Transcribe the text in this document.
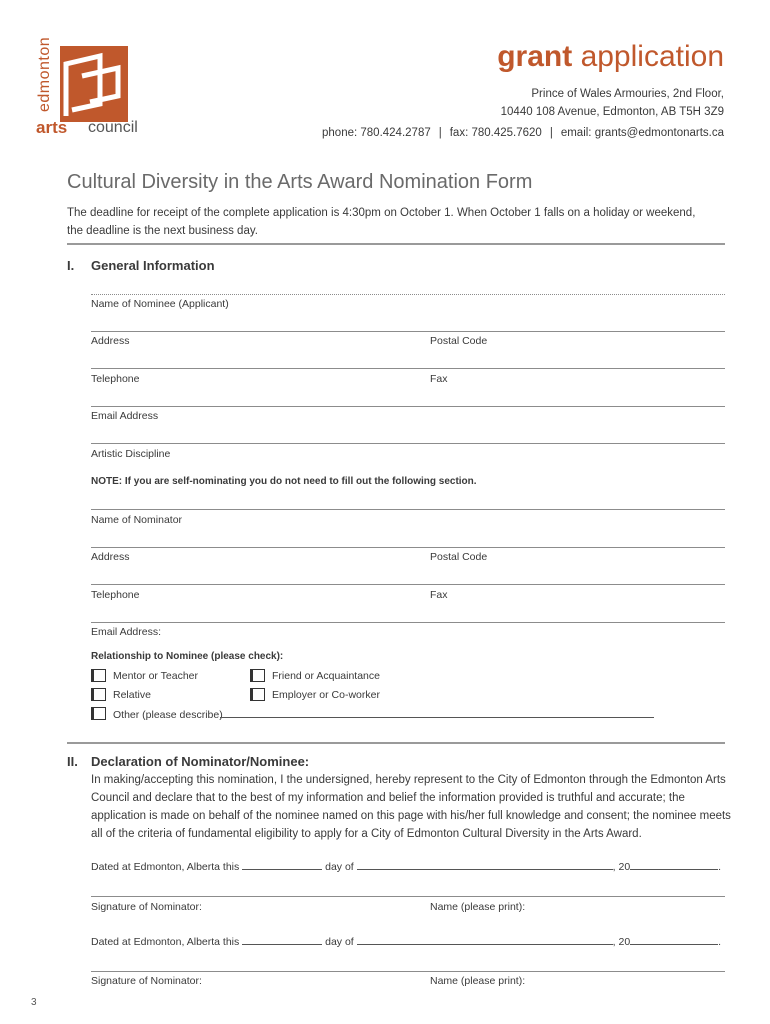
edmonton
arts council
grant application
Prince of Wales Armouries, 2nd Floor,
10440 108 Avenue, Edmonton, AB T5H 3Z9
phone: 780.424.2787 | fax: 780.425.7620 | email: grants@edmontonarts.ca
Cultural Diversity in the Arts Award Nomination Form
The deadline for receipt of the complete application is 4:30pm on October 1. When October 1 falls on a holiday or weekend, the deadline is the next business day.
I. General Information
Name of Nominee (Applicant)
Address	Postal Code
Telephone	Fax
Email Address
Artistic Discipline
NOTE: If you are self-nominating you do not need to fill out the following section.
Name of Nominator
Address	Postal Code
Telephone	Fax
Email Address:
Relationship to Nominee (please check):
Mentor or Teacher	Friend or Acquaintance
Relative	Employer or Co-worker
Other (please describe)
II. Declaration of Nominator/Nominee:
In making/accepting this nomination, I the undersigned, hereby represent to the City of Edmonton through the Edmonton Arts Council and declare that to the best of my information and belief the information provided is truthful and accurate; the application is made on behalf of the nominee named on this page with his/her full knowledge and consent; the nominee meets all of the criteria of fundamental eligibility to apply for a City of Edmonton Cultural Diversity in the Arts Award.
Dated at Edmonton, Alberta this	day of	, 20	.
Signature of Nominator:	Name (please print):
Dated at Edmonton, Alberta this	day of	, 20	.
Signature of Nominator:	Name (please print):
3
